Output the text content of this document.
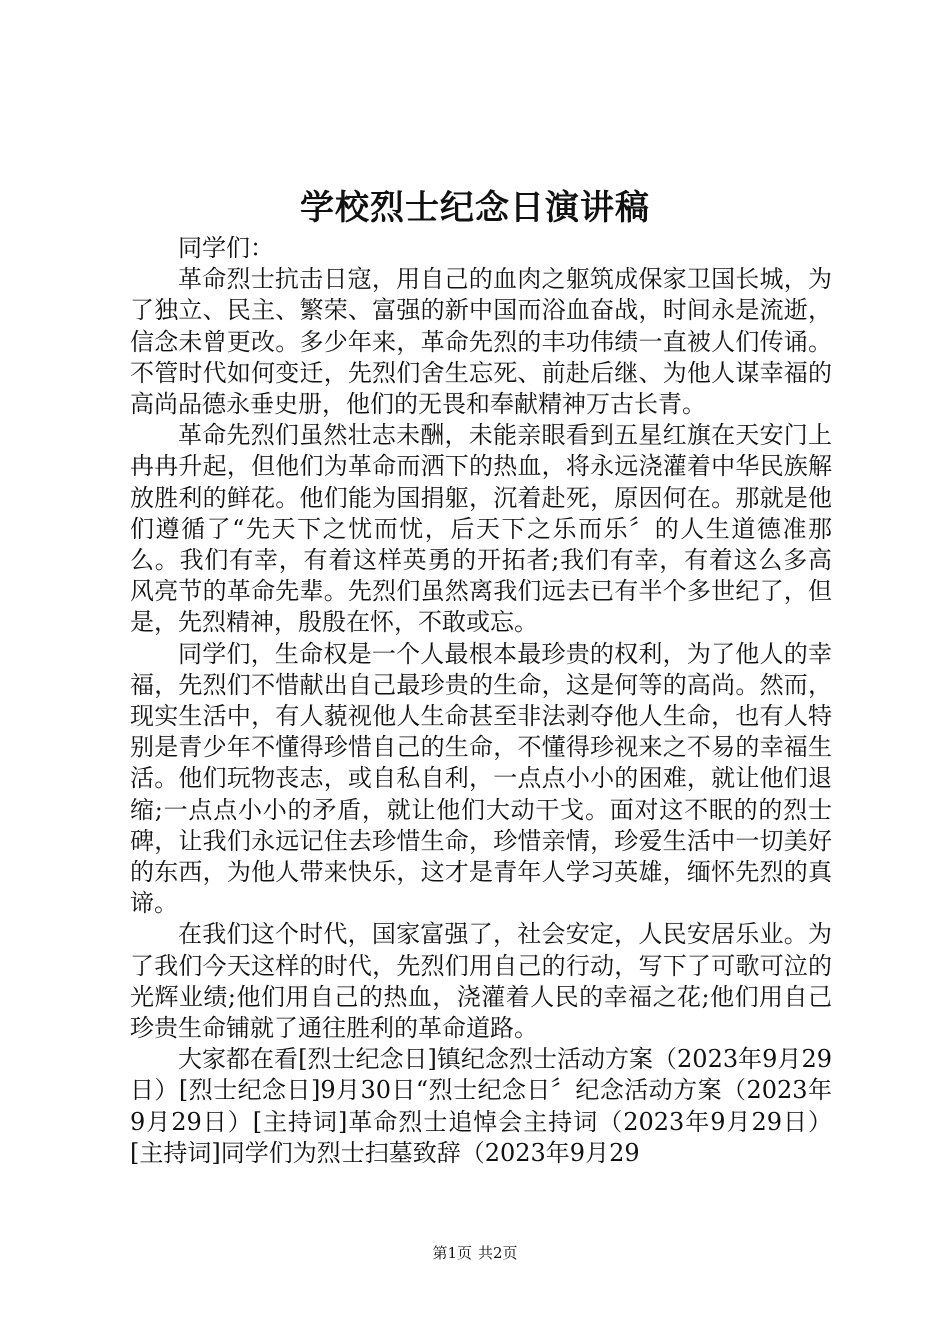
学校烈士纪念日演讲稿

同学们：

革命烈士抗击日寇，用自己的血肉之躯筑成保家卫国长城，为了独立、民主、繁荣、富强的新中国而浴血奋战，时间永是流逝，信念未曾更改。多少年来，革命先烈的丰功伟绩一直被人们传诵。不管时代如何变迁，先烈们舍生忘死、前赴后继、为他人谋幸福的高尚品德永垂史册，他们的无畏和奉献精神万古长青。

革命先烈们虽然壮志未酬，未能亲眼看到五星红旗在天安门上冉冉升起，但他们为革命而洒下的热血，将永远浇灌着中华民族解放胜利的鲜花。他们能为国捐躯，沉着赴死，原因何在。那就是他们遵循了“先天下之忧而忧，后天下之乐而乐〞的人生道德准那么。我们有幸，有着这样英勇的开拓者;我们有幸，有着这么多高风亮节的革命先辈。先烈们虽然离我们远去已有半个多世纪了，但是，先烈精神，殷殷在怀，不敢或忘。

同学们，生命权是一个人最根本最珍贵的权利，为了他人的幸福，先烈们不惜献出自己最珍贵的生命，这是何等的高尚。然而，现实生活中，有人藐视他人生命甚至非法剥夺他人生命，也有人特别是青少年不懂得珍惜自己的生命，不懂得珍视来之不易的幸福生活。他们玩物丧志，或自私自利，一点点小小的困难，就让他们退缩;一点点小小的矛盾，就让他们大动干戈。面对这不眠的的烈士碑，让我们永远记住去珍惜生命，珍惜亲情，珍爱生活中一切美好的东西，为他人带来快乐，这才是青年人学习英雄，缅怀先烈的真谛。

在我们这个时代，国家富强了，社会安定，人民安居乐业。为了我们今天这样的时代，先烈们用自己的行动，写下了可歌可泣的光辉业绩;他们用自己的热血，浇灌着人民的幸福之花;他们用自己珍贵生命铺就了通往胜利的革命道路。

大家都在看[烈士纪念日]镇纪念烈士活动方案（2023年9月29日）[烈士纪念日]9月30日“烈士纪念日〞纪念活动方案（2023年9月29日）[主持词]革命烈士追悼会主持词（2023年9月29日）[主持词]同学们为烈士扫墓致辞（2023年9月29

第1页 共2页
